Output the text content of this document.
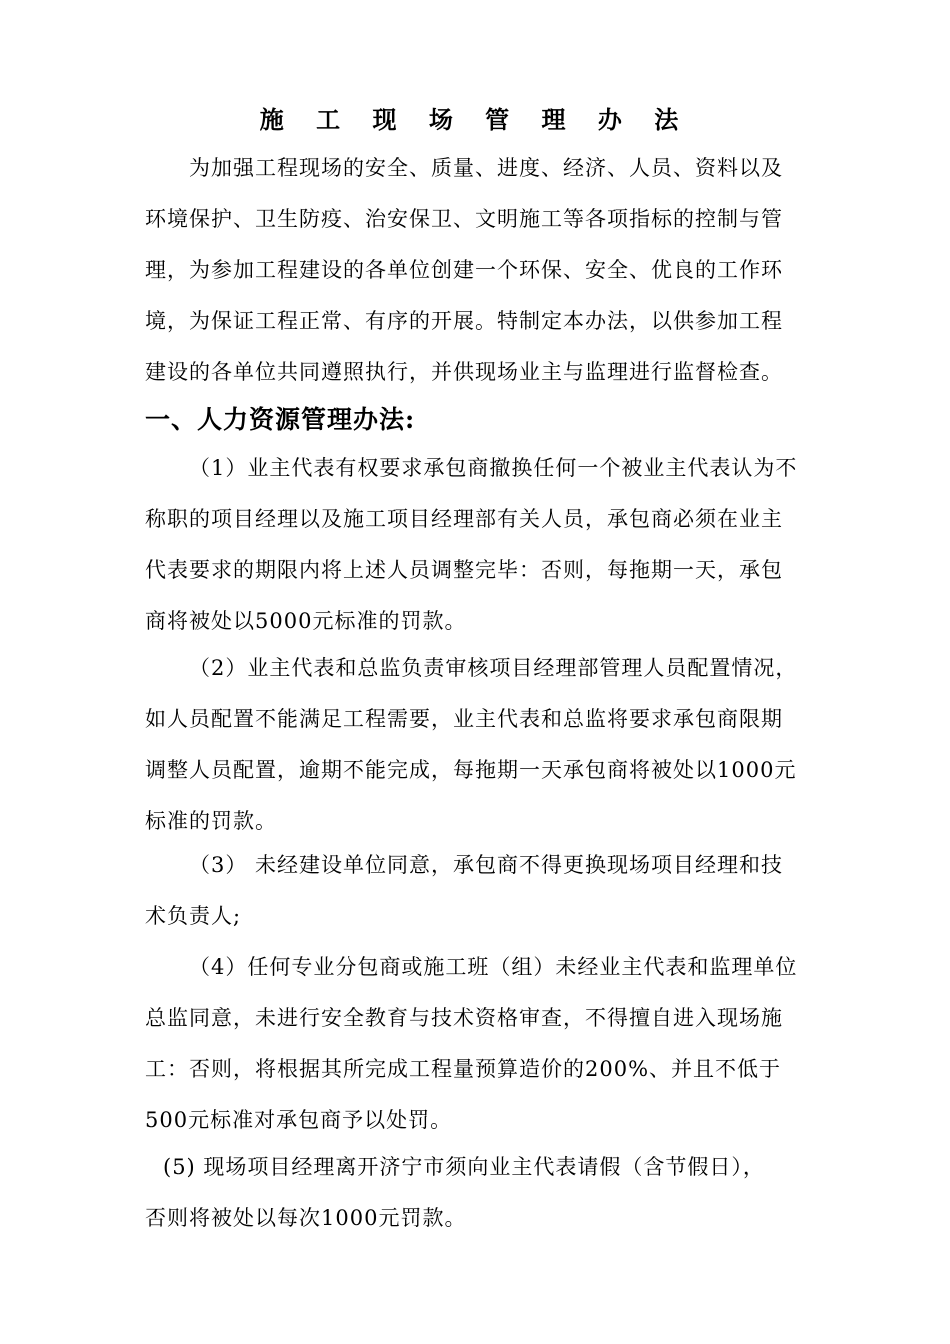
施 工 现 场 管 理 办 法
为加强工程现场的安全、质量、进度、经济、人员、资料以及
环境保护、卫生防疫、治安保卫、文明施工等各项指标的控制与管
理，为参加工程建设的各单位创建一个环保、安全、优良的工作环
境，为保证工程正常、有序的开展。特制定本办法，以供参加工程
建设的各单位共同遵照执行，并供现场业主与监理进行监督检查。
一、人力资源管理办法:
（1）业主代表有权要求承包商撤换任何一个被业主代表认为不
称职的项目经理以及施工项目经理部有关人员，承包商必须在业主
代表要求的期限内将上述人员调整完毕：否则，每拖期一天，承包
商将被处以5000元标准的罚款。
（2）业主代表和总监负责审核项目经理部管理人员配置情况，
如人员配置不能满足工程需要，业主代表和总监将要求承包商限期
调整人员配置，逾期不能完成，每拖期一天承包商将被处以1000元
标准的罚款。
（3） 未经建设单位同意，承包商不得更换现场项目经理和技
术负责人;
（4）任何专业分包商或施工班（组）未经业主代表和监理单位
总监同意，未进行安全教育与技术资格审查，不得擅自进入现场施
工：否则，将根据其所完成工程量预算造价的200%、并且不低于
500元标准对承包商予以处罚。
(5) 现场项目经理离开济宁市须向业主代表请假（含节假日），
否则将被处以每次1000元罚款。
